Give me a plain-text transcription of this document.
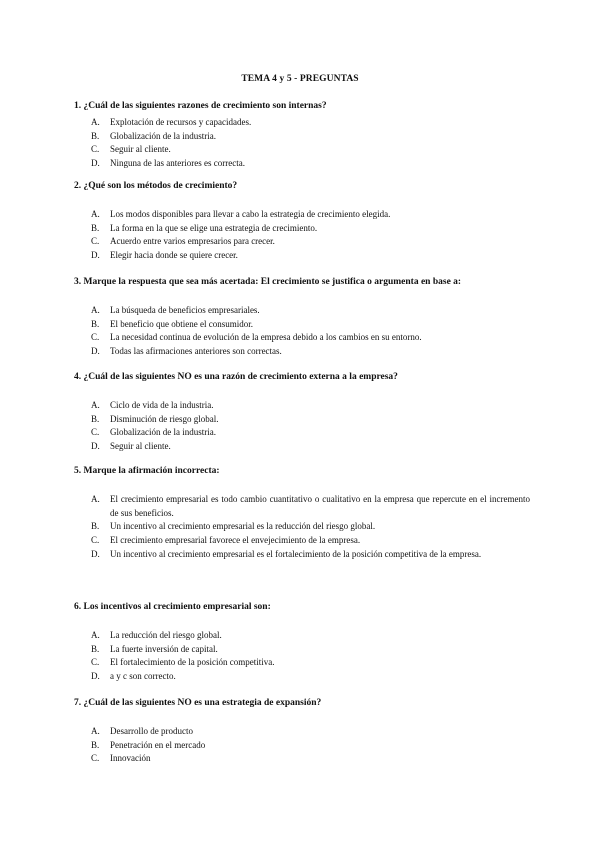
TEMA 4 y 5 - PREGUNTAS

1. ¿Cuál de las siguientes razones de crecimiento son internas?

A. Explotación de recursos y capacidades.
B. Globalización de la industria.
C. Seguir al cliente.
D. Ninguna de las anteriores es correcta.

2. ¿Qué son los métodos de crecimiento?

A. Los modos disponibles para llevar a cabo la estrategia de crecimiento elegida.
B. La forma en la que se elige una estrategia de crecimiento.
C. Acuerdo entre varios empresarios para crecer.
D. Elegir hacia donde se quiere crecer.

3. Marque la respuesta que sea más acertada: El crecimiento se justifica o argumenta en base a:

A. La búsqueda de beneficios empresariales.
B. El beneficio que obtiene el consumidor.
C. La necesidad continua de evolución de la empresa debido a los cambios en su entorno.
D. Todas las afirmaciones anteriores son correctas.

4. ¿Cuál de las siguientes NO es una razón de crecimiento externa a la empresa?

A. Ciclo de vida de la industria.
B. Disminución de riesgo global.
C. Globalización de la industria.
D. Seguir al cliente.

5. Marque la afirmación incorrecta:

A. El crecimiento empresarial es todo cambio cuantitativo o cualitativo en la empresa que repercute en el incremento de sus beneficios.
B. Un incentivo al crecimiento empresarial es la reducción del riesgo global.
C. El crecimiento empresarial favorece el envejecimiento de la empresa.
D. Un incentivo al crecimiento empresarial es el fortalecimiento de la posición competitiva de la empresa.

6. Los incentivos al crecimiento empresarial son:

A. La reducción del riesgo global.
B. La fuerte inversión de capital.
C. El fortalecimiento de la posición competitiva.
D. a y c son correcto.

7. ¿Cuál de las siguientes NO es una estrategia de expansión?

A. Desarrollo de producto
B. Penetración en el mercado
C. Innovación
